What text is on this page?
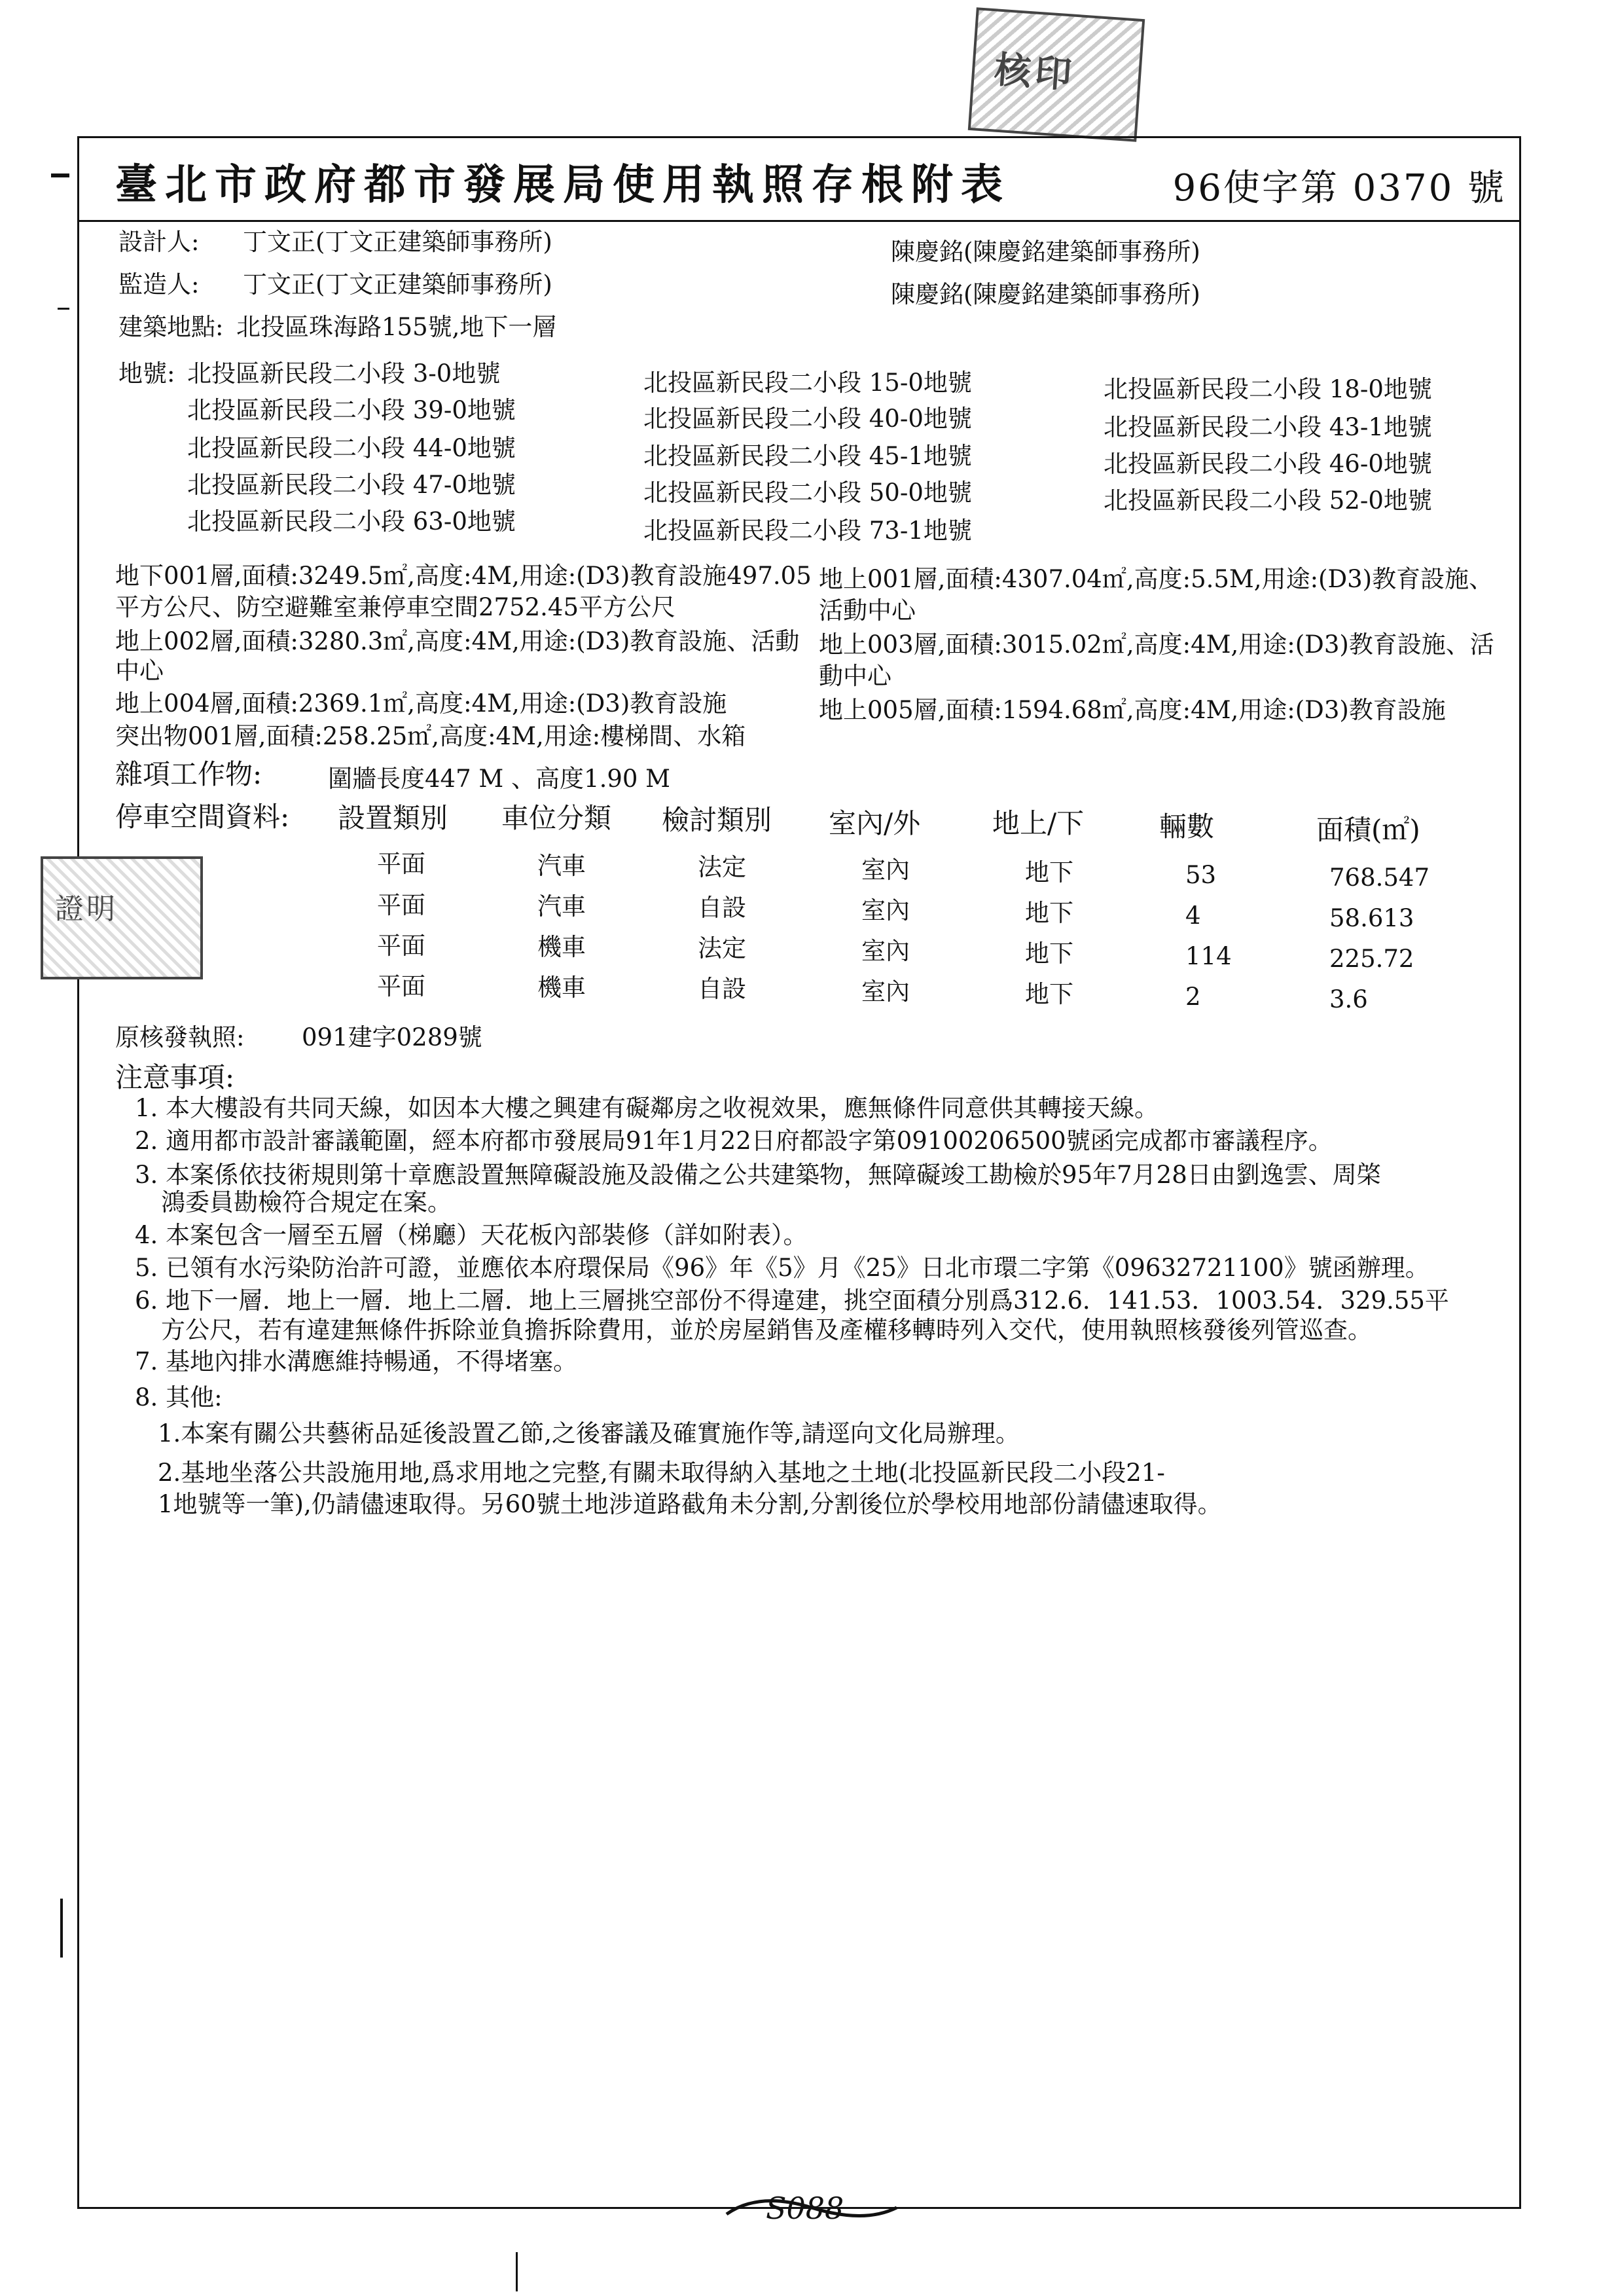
核印
臺北市政府都市發展局使用執照存根附表	96使字第 0370 號
設計人: 丁文正(丁文正建築師事務所)	陳慶銘(陳慶銘建築師事務所)
監造人: 丁文正(丁文正建築師事務所)	陳慶銘(陳慶銘建築師事務所)
建築地點: 北投區珠海路155號,地下一層
地號: 北投區新民段二小段 3-0地號	北投區新民段二小段 15-0地號	北投區新民段二小段 18-0地號
北投區新民段二小段 39-0地號	北投區新民段二小段 40-0地號	北投區新民段二小段 43-1地號
北投區新民段二小段 44-0地號	北投區新民段二小段 45-1地號	北投區新民段二小段 46-0地號
北投區新民段二小段 47-0地號	北投區新民段二小段 50-0地號	北投區新民段二小段 52-0地號
北投區新民段二小段 63-0地號	北投區新民段二小段 73-1地號
地下001層,面積:3249.5㎡,高度:4M,用途:(D3)教育設施497.05
平方公尺、防空避難室兼停車空間2752.45平方公尺
地上002層,面積:3280.3㎡,高度:4M,用途:(D3)教育設施、活動
中心
地上004層,面積:2369.1㎡,高度:4M,用途:(D3)教育設施
突出物001層,面積:258.25㎡,高度:4M,用途:樓梯間、水箱
地上001層,面積:4307.04㎡,高度:5.5M,用途:(D3)教育設施、
活動中心
地上003層,面積:3015.02㎡,高度:4M,用途:(D3)教育設施、活
動中心
地上005層,面積:1594.68㎡,高度:4M,用途:(D3)教育設施
雜項工作物:	圍牆長度447 M 、高度1.90 M
停車空間資料: 設置類別 車位分類 檢討類別 室內/外	地上/下	輛數	面積(㎡)
平面	汽車	法定	室內	地下	53	768.547
平面	汽車	自設	室內	地下	4	58.613
平面	機車	法定	室內	地下	114	225.72
平面	機車	自設	室內	地下	2	3.6
原核發執照: 091建字0289號
注意事項:
1. 本大樓設有共同天線，如因本大樓之興建有礙鄰房之收視效果，應無條件同意供其轉接天線。
2. 適用都市設計審議範圍，經本府都市發展局91年1月22日府都設字第09100206500號函完成都市審議程序。
3. 本案係依技術規則第十章應設置無障礙設施及設備之公共建築物，無障礙竣工勘檢於95年7月28日由劉逸雲、周棨
鴻委員勘檢符合規定在案。
4. 本案包含一層至五層（梯廳）天花板內部裝修（詳如附表）。
5. 已領有水污染防治許可證，並應依本府環保局《96》年《5》月《25》日北市環二字第《09632721100》號函辦理。
6. 地下一層．地上一層．地上二層．地上三層挑空部份不得違建，挑空面積分別爲312.6．141.53．1003.54．329.55平
方公尺，若有違建無條件拆除並負擔拆除費用，並於房屋銷售及產權移轉時列入交代，使用執照核發後列管巡查。
7. 基地內排水溝應維持暢通，不得堵塞。
8. 其他:
1.本案有關公共藝術品延後設置乙節,之後審議及確實施作等,請逕向文化局辦理。
2.基地坐落公共設施用地,爲求用地之完整,有關未取得納入基地之土地(北投區新民段二小段21-
1地號等一筆),仍請儘速取得。另60號土地涉道路截角未分割,分割後位於學校用地部份請儘速取得。
證明
S088
